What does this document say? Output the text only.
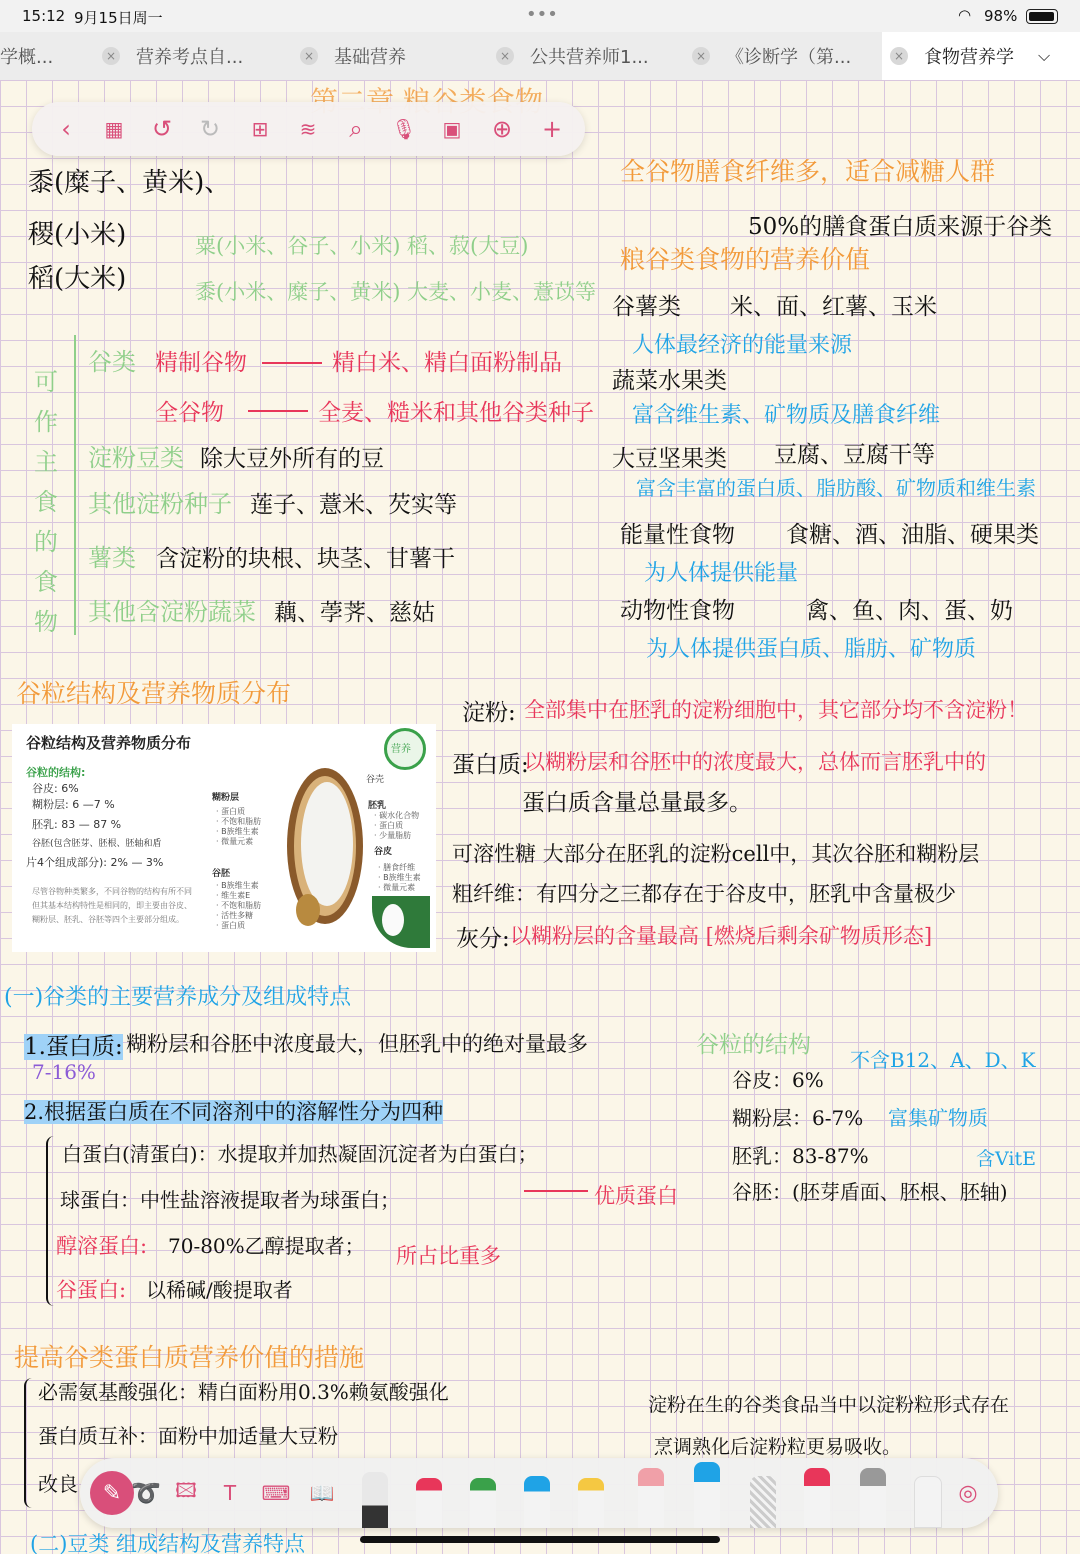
15:12 9月15日周一	•••	◠ 98%
学概...	× 营养考点自...	× 基础营养	× 公共营养师1...	× 《诊断学（第...	× 食物营养学 ⌵
黍(糜子、黄米)、
稷(小米)
稻(大米)
粟(小米、谷子、小米) 稻、菽(大豆)
黍(小米、糜子、黄米) 大麦、小麦、薏苡等
可作主食的食物
谷类 精制谷物	精白米、精白面粉制品
全谷物	全麦、糙米和其他谷类种子
淀粉豆类 除大豆外所有的豆
其他淀粉种子 莲子、薏米、芡实等
薯类 含淀粉的块根、块茎、甘薯干
其他含淀粉蔬菜 藕、荸荠、慈姑
全谷物膳食纤维多，适合减糖人群
50%的膳食蛋白质来源于谷类
粮谷类食物的营养价值
谷薯类 米、面、红薯、玉米
人体最经济的能量来源
蔬菜水果类
富含维生素、矿物质及膳食纤维
大豆坚果类 豆腐、豆腐干等
富含丰富的蛋白质、脂肪酸、矿物质和维生素
能量性食物 食糖、酒、油脂、硬果类
为人体提供能量
动物性食物	禽、鱼、肉、蛋、奶
为人体提供蛋白质、脂肪、矿物质
谷粒结构及营养物质分布
淀粉: 全部集中在胚乳的淀粉细胞中，其它部分均不含淀粉！
蛋白质:
以糊粉层和谷胚中的浓度最大，总体而言胚乳中的
蛋白质含量总量最多。
可溶性糖 大部分在胚乳的淀粉cell中，其次谷胚和糊粉层
粗纤维：有四分之三都存在于谷皮中，胚乳中含量极少
灰分: 以糊粉层的含量最高 [燃烧后剩余矿物质形态]
(一)谷类的主要营养成分及组成特点
1.蛋白质: 糊粉层和谷胚中浓度最大，但胚乳中的绝对量最多
7-16%
2.根据蛋白质在不同溶剂中的溶解性分为四种
白蛋白(清蛋白)：水提取并加热凝固沉淀者为白蛋白；
球蛋白：中性盐溶液提取者为球蛋白；
醇溶蛋白: 70-80%乙醇提取者；
谷蛋白: 以稀碱/酸提取者
优质蛋白
所占比重多
谷粒的结构
不含B12、A、D、K
谷皮：6%
糊粉层：6-7% 富集矿物质
胚乳：83-87%	含VitE
谷胚：(胚芽盾面、胚根、胚轴)
提高谷类蛋白质营养价值的措施
必需氨基酸强化：精白面粉用0.3%赖氨酸强化
蛋白质互补：面粉中加适量大豆粉
改良
淀粉在生的谷类食品当中以淀粉粒形式存在
烹调熟化后淀粉粒更易吸收。
(二)豆类 组成结构及营养特点
谷粒结构及营养物质分布	营养
谷粒的结构:
谷皮: 6%
糊粉层: 6 —7 %
胚乳: 83 — 87 %
谷胚(包含胚芽、胚根、胚轴和盾
片4个组成部分): 2% — 3%
尽管谷物种类繁多，不同谷物的结构有所不同
但其基本结构特性是相同的，即主要由谷皮、
糊粉层、胚乳、谷胚等四个主要部分组成。
糊粉层
· 蛋白质
· 不饱和脂肪
· B族维生素
· 微量元素
谷胚
· B族维生素
· 维生素E
· 不饱和脂肪
· 活性多糖
· 蛋白质
谷壳
胚乳
· 碳水化合物
· 蛋白质
· 少量脂肪
谷皮
· 膳食纤维
· B族维生素
· 微量元素
‹	▦ ↺ ↻	⊞	≋	⌕	🎙	▣ ⊕ +
✎ ➰ 🖾	T	⌨ 📖	◎
